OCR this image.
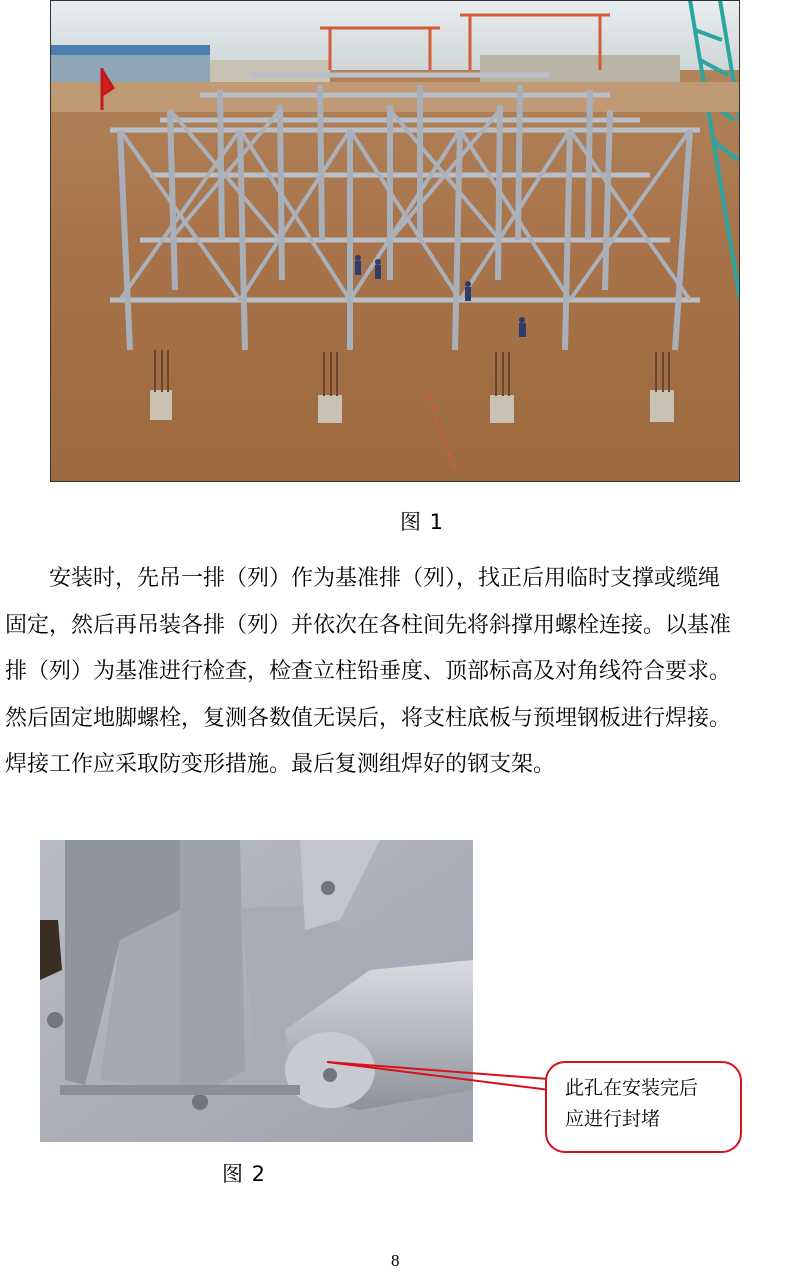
图 1

安装时，先吊一排（列）作为基准排（列），找正后用临时支撑或缆绳

固定，然后再吊装各排（列）并依次在各柱间先将斜撑用螺栓连接。以基准

排（列）为基准进行检查，检查立柱铅垂度、顶部标高及对角线符合要求。

然后固定地脚螺栓，复测各数值无误后，将支柱底板与预埋钢板进行焊接。

焊接工作应采取防变形措施。最后复测组焊好的钢支架。

图 2
此孔在安装完后
应进行封堵
8
